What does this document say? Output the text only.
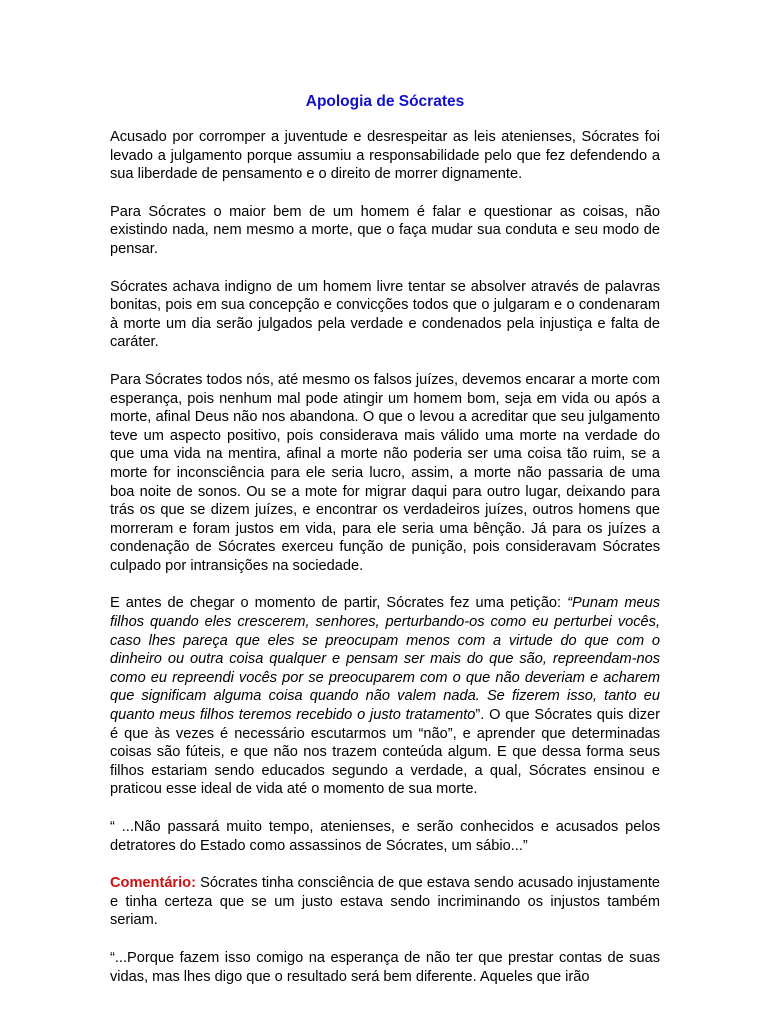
Apologia de Sócrates

Acusado por corromper a juventude e desrespeitar as leis atenienses, Sócrates foi levado a julgamento porque assumiu a responsabilidade pelo que fez defendendo a sua liberdade de pensamento e o direito de morrer dignamente.

Para Sócrates o maior bem de um homem é falar e questionar as coisas, não existindo nada, nem mesmo a morte, que o faça mudar sua conduta e seu modo de pensar.

Sócrates achava indigno de um homem livre tentar se absolver através de palavras bonitas, pois em sua concepção e convicções todos que o julgaram e o condenaram à morte um dia serão julgados pela verdade e condenados pela injustiça e falta de caráter.

Para Sócrates todos nós, até mesmo os falsos juízes, devemos encarar a morte com esperança, pois nenhum mal pode atingir um homem bom, seja em vida ou após a morte, afinal Deus não nos abandona. O que o levou a acreditar que seu julgamento teve um aspecto positivo, pois considerava mais válido uma morte na verdade do que uma vida na mentira, afinal a morte não poderia ser uma coisa tão ruim, se a morte for inconsciência para ele seria lucro, assim, a morte não passaria de uma boa noite de sonos. Ou se a mote for migrar daqui para outro lugar, deixando para trás os que se dizem juízes, e encontrar os verdadeiros juízes, outros homens que morreram e foram justos em vida, para ele seria uma bênção. Já para os juízes a condenação de Sócrates exerceu função de punição, pois consideravam Sócrates culpado por intransições na sociedade.

E antes de chegar o momento de partir, Sócrates fez uma petição: “Punam meus filhos quando eles crescerem, senhores, perturbando-os como eu perturbei vocês, caso lhes pareça que eles se preocupam menos com a virtude do que com o dinheiro ou outra coisa qualquer e pensam ser mais do que são, repreendam-nos como eu repreendi vocês por se preocuparem com o que não deveriam e acharem que significam alguma coisa quando não valem nada. Se fizerem isso, tanto eu quanto meus filhos teremos recebido o justo tratamento”. O que Sócrates quis dizer é que às vezes é necessário escutarmos um “não”, e aprender que determinadas coisas são fúteis, e que não nos trazem conteúda algum. E que dessa forma seus filhos estariam sendo educados segundo a verdade, a qual, Sócrates ensinou e praticou esse ideal de vida até o momento de sua morte.

“ ...Não passará muito tempo, atenienses, e serão conhecidos e acusados pelos detratores do Estado como assassinos de Sócrates, um sábio...”

Comentário: Sócrates tinha consciência de que estava sendo acusado injustamente e tinha certeza que se um justo estava sendo incriminando os injustos também seriam.

“...Porque fazem isso comigo na esperança de não ter que prestar contas de suas vidas, mas lhes digo que o resultado será bem diferente. Aqueles que irão
